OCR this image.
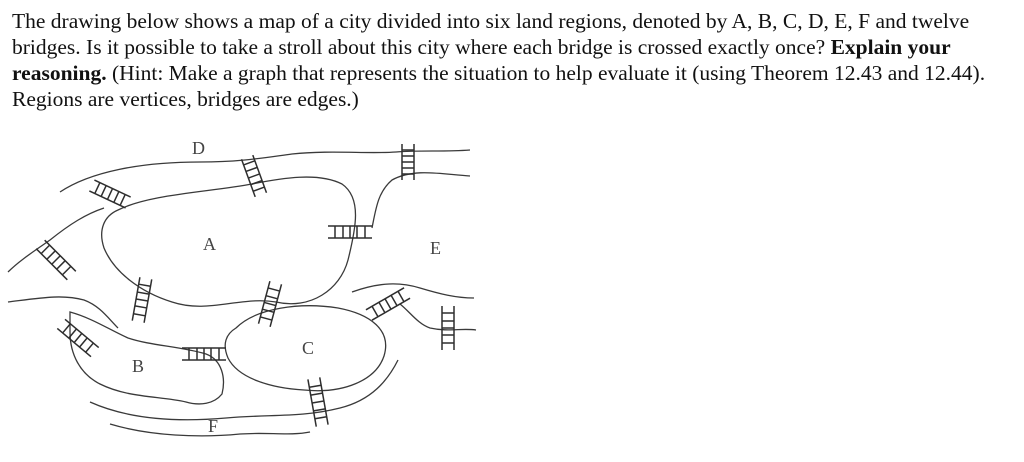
The drawing below shows a map of a city divided into six land regions, denoted by A, B, C, D, E, F and twelve bridges. Is it possible to take a stroll about this city where each bridge is crossed exactly once? Explain your reasoning. (Hint: Make a graph that represents the situation to help evaluate it (using Theorem 12.43 and 12.44). Regions are vertices, bridges are edges.)

D
A	E
C
B
F
